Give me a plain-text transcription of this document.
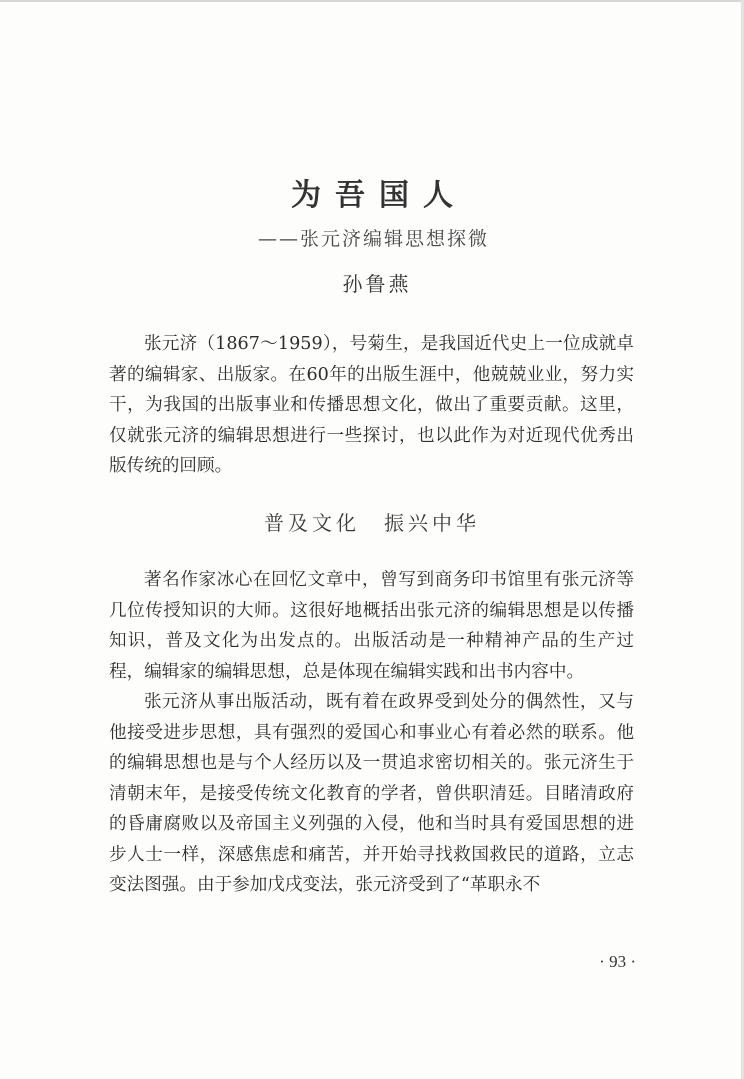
为吾国人
——张元济编辑思想探微
孙鲁燕

张元济（1867～1959），号菊生，是我国近代史上一位成就卓著的编辑家、出版家。在60年的出版生涯中，他兢兢业业，努力实干，为我国的出版事业和传播思想文化，做出了重要贡献。这里，仅就张元济的编辑思想进行一些探讨，也以此作为对近现代优秀出版传统的回顾。

普及文化　振兴中华

著名作家冰心在回忆文章中，曾写到商务印书馆里有张元济等几位传授知识的大师。这很好地概括出张元济的编辑思想是以传播知识，普及文化为出发点的。出版活动是一种精神产品的生产过程，编辑家的编辑思想，总是体现在编辑实践和出书内容中。

张元济从事出版活动，既有着在政界受到处分的偶然性，又与他接受进步思想，具有强烈的爱国心和事业心有着必然的联系。他的编辑思想也是与个人经历以及一贯追求密切相关的。张元济生于清朝末年，是接受传统文化教育的学者，曾供职清廷。目睹清政府的昏庸腐败以及帝国主义列强的入侵，他和当时具有爱国思想的进步人士一样，深感焦虑和痛苦，并开始寻找救国救民的道路，立志变法图强。由于参加戊戌变法，张元济受到了“革职永不

· 93 ·
